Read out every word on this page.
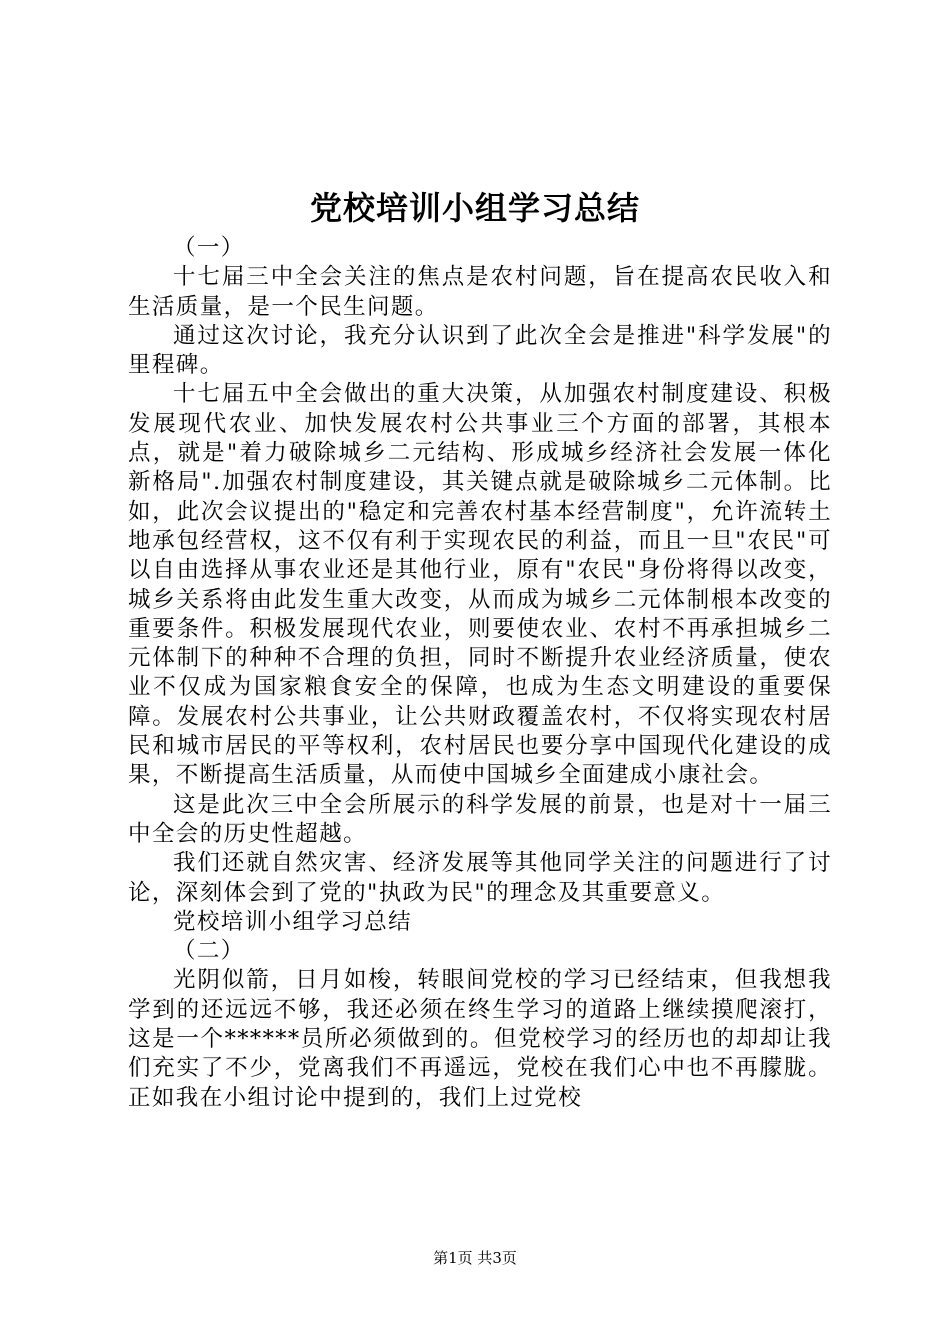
党校培训小组学习总结

（一）

十七届三中全会关注的焦点是农村问题，旨在提高农民收入和生活质量，是一个民生问题。

通过这次讨论，我充分认识到了此次全会是推进"科学发展"的里程碑。

十七届五中全会做出的重大决策，从加强农村制度建设、积极发展现代农业、加快发展农村公共事业三个方面的部署，其根本点，就是"着力破除城乡二元结构、形成城乡经济社会发展一体化新格局".加强农村制度建设，其关键点就是破除城乡二元体制。比如，此次会议提出的"稳定和完善农村基本经营制度"，允许流转土地承包经营权，这不仅有利于实现农民的利益，而且一旦"农民"可以自由选择从事农业还是其他行业，原有"农民"身份将得以改变，城乡关系将由此发生重大改变，从而成为城乡二元体制根本改变的重要条件。积极发展现代农业，则要使农业、农村不再承担城乡二元体制下的种种不合理的负担，同时不断提升农业经济质量，使农业不仅成为国家粮食安全的保障，也成为生态文明建设的重要保障。发展农村公共事业，让公共财政覆盖农村，不仅将实现农村居民和城市居民的平等权利，农村居民也要分享中国现代化建设的成果，不断提高生活质量，从而使中国城乡全面建成小康社会。

这是此次三中全会所展示的科学发展的前景，也是对十一届三中全会的历史性超越。

我们还就自然灾害、经济发展等其他同学关注的问题进行了讨论，深刻体会到了党的"执政为民"的理念及其重要意义。

党校培训小组学习总结

（二）

光阴似箭，日月如梭，转眼间党校的学习已经结束，但我想我学到的还远远不够，我还必须在终生学习的道路上继续摸爬滚打，这是一个******员所必须做到的。但党校学习的经历也的却却让我们充实了不少，党离我们不再遥远，党校在我们心中也不再朦胧。正如我在小组讨论中提到的，我们上过党校

第1页 共3页
